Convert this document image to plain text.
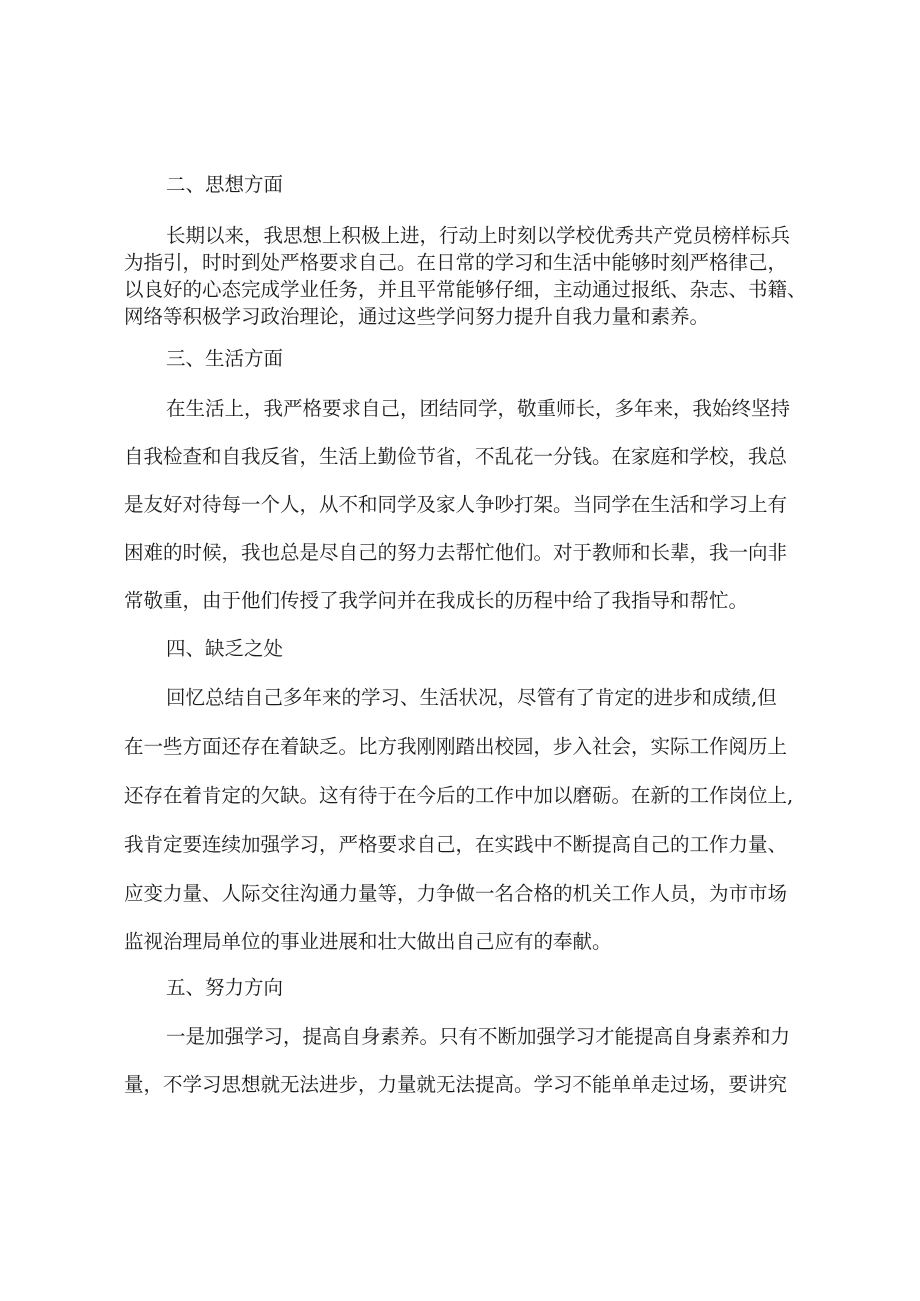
二、思想方面
长期以来，我思想上积极上进，行动上时刻以学校优秀共产党员榜样标兵
为指引，时时到处严格要求自己。在日常的学习和生活中能够时刻严格律己，
以良好的心态完成学业任务，并且平常能够仔细，主动通过报纸、杂志、书籍、
网络等积极学习政治理论，通过这些学问努力提升自我力量和素养。
三、生活方面
在生活上，我严格要求自己，团结同学，敬重师长，多年来，我始终坚持
自我检查和自我反省，生活上勤俭节省，不乱花一分钱。在家庭和学校，我总
是友好对待每一个人，从不和同学及家人争吵打架。当同学在生活和学习上有
困难的时候，我也总是尽自己的努力去帮忙他们。对于教师和长辈，我一向非
常敬重，由于他们传授了我学问并在我成长的历程中给了我指导和帮忙。
四、缺乏之处
回忆总结自己多年来的学习、生活状况，尽管有了肯定的进步和成绩,但
在一些方面还存在着缺乏。比方我刚刚踏出校园，步入社会，实际工作阅历上
还存在着肯定的欠缺。这有待于在今后的工作中加以磨砺。在新的工作岗位上,
我肯定要连续加强学习，严格要求自己，在实践中不断提高自己的工作力量、
应变力量、人际交往沟通力量等，力争做一名合格的机关工作人员，为市市场
监视治理局单位的事业进展和壮大做出自己应有的奉献。
五、努力方向
一是加强学习，提高自身素养。只有不断加强学习才能提高自身素养和力
量，不学习思想就无法进步，力量就无法提高。学习不能单单走过场，要讲究
